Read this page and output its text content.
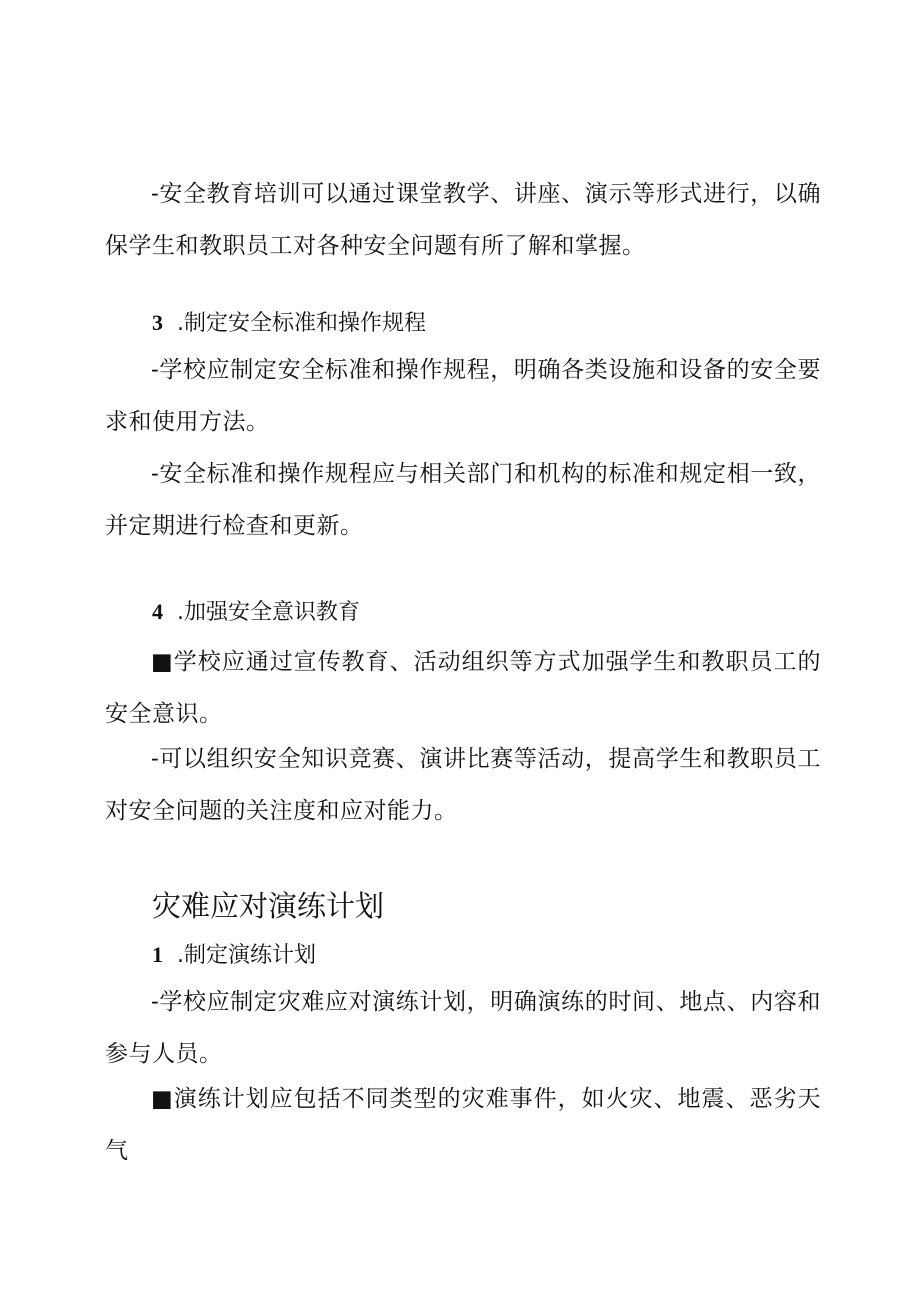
-安全教育培训可以通过课堂教学、讲座、演示等形式进行，以确保学生和教职员工对各种安全问题有所了解和掌握。

3 .制定安全标准和操作规程

-学校应制定安全标准和操作规程，明确各类设施和设备的安全要求和使用方法。

-安全标准和操作规程应与相关部门和机构的标准和规定相一致，并定期进行检查和更新。

4 .加强安全意识教育

■学校应通过宣传教育、活动组织等方式加强学生和教职员工的安全意识。

-可以组织安全知识竞赛、演讲比赛等活动，提高学生和教职员工对安全问题的关注度和应对能力。

灾难应对演练计划
1 .制定演练计划

-学校应制定灾难应对演练计划，明确演练的时间、地点、内容和参与人员。

■演练计划应包括不同类型的灾难事件，如火灾、地震、恶劣天气
